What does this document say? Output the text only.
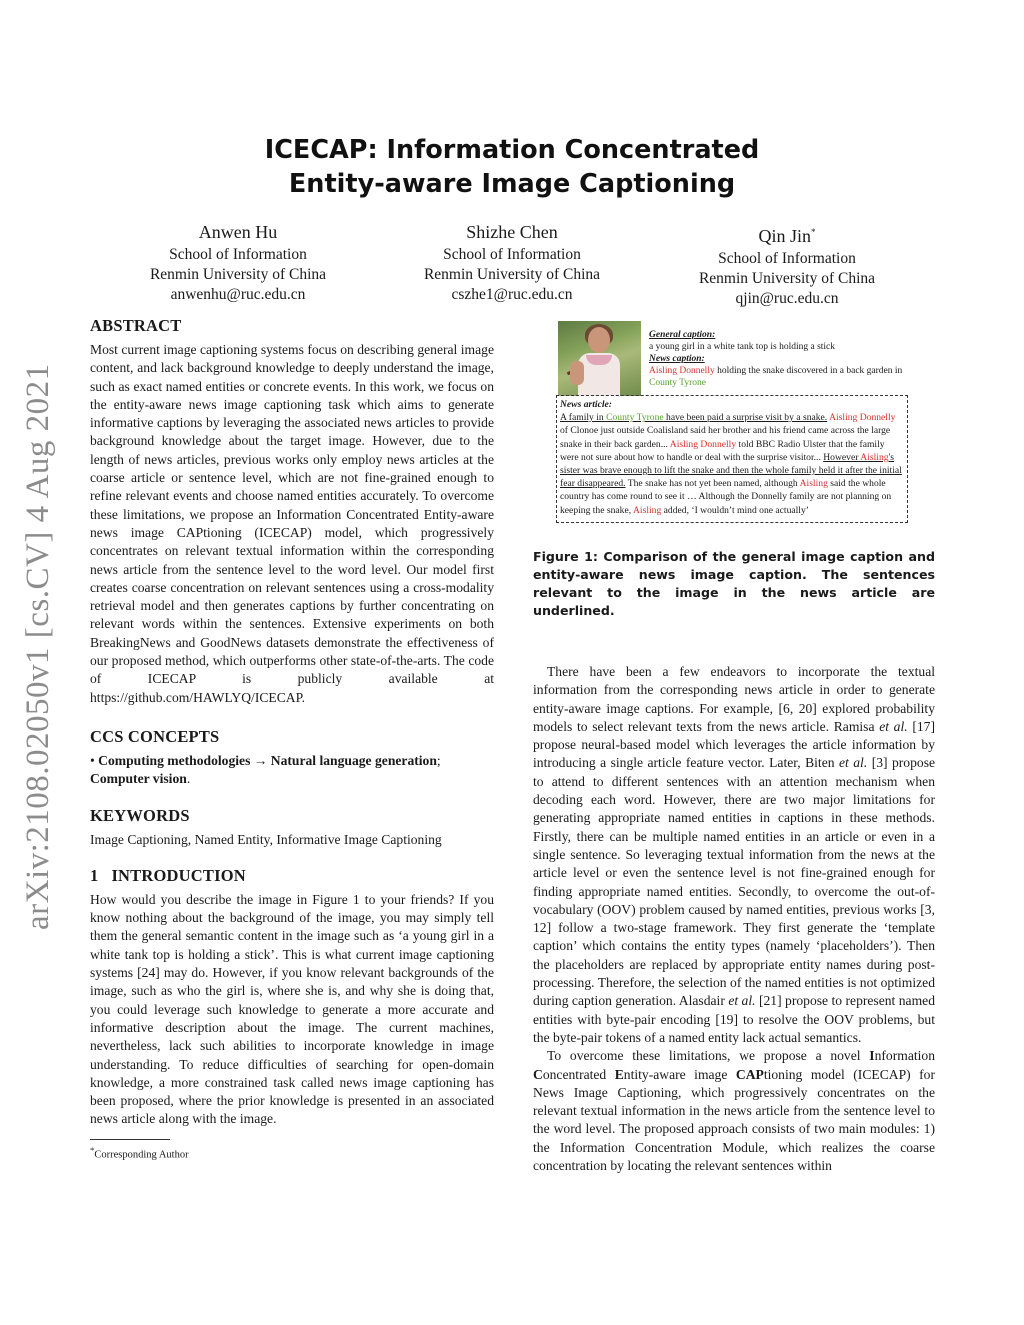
arXiv:2108.02050v1 [cs.CV] 4 Aug 2021
ICECAP: Information Concentrated
Entity-aware Image Captioning
Anwen Hu
School of Information
Renmin University of China
anwenhu@ruc.edu.cn
Shizhe Chen
School of Information
Renmin University of China
cszhe1@ruc.edu.cn
Qin Jin*
School of Information
Renmin University of China
qjin@ruc.edu.cn
ABSTRACT

Most current image captioning systems focus on describing general image content, and lack background knowledge to deeply understand the image, such as exact named entities or concrete events. In this work, we focus on the entity-aware news image captioning task which aims to generate informative captions by leveraging the associated news articles to provide background knowledge about the target image. However, due to the length of news articles, previous works only employ news articles at the coarse article or sentence level, which are not fine-grained enough to refine relevant events and choose named entities accurately. To overcome these limitations, we propose an Information Concentrated Entity-aware news image CAPtioning (ICECAP) model, which progressively concentrates on relevant textual information within the corresponding news article from the sentence level to the word level. Our model first creates coarse concentration on relevant sentences using a cross-modality retrieval model and then generates captions by further concentrating on relevant words within the sentences. Extensive experiments on both BreakingNews and GoodNews datasets demonstrate the effectiveness of our proposed method, which outperforms other state-of-the-arts. The code of ICECAP is publicly available at https://github.com/HAWLYQ/ICECAP.

CCS CONCEPTS

• Computing methodologies → Natural language generation; Computer vision.

KEYWORDS

Image Captioning, Named Entity, Informative Image Captioning

1 INTRODUCTION

How would you describe the image in Figure 1 to your friends? If you know nothing about the background of the image, you may simply tell them the general semantic content in the image such as ‘a young girl in a white tank top is holding a stick’. This is what current image captioning systems [24] may do. However, if you know relevant backgrounds of the image, such as who the girl is, where she is, and why she is doing that, you could leverage such knowledge to generate a more accurate and informative description about the image. The current machines, nevertheless, lack such abilities to incorporate knowledge in image understanding. To reduce difficulties of searching for open-domain knowledge, a more constrained task called news image captioning has been proposed, where the prior knowledge is presented in an associated news article along with the image.

*Corresponding Author
General caption:
a young girl in a white tank top is holding a stick
News caption:
Aisling Donnelly holding the snake discovered in a back garden in County Tyrone
News article:
A family in County Tyrone have been paid a surprise visit by a snake. Aisling Donnelly of Clonoe just outside Coalisland said her brother and his friend came across the large snake in their back garden... Aisling Donnelly told BBC Radio Ulster that the family were not sure about how to handle or deal with the surprise visitor... However Aisling's sister was brave enough to lift the snake and then the whole family held it after the initial fear disappeared. The snake has not yet been named, although Aisling said the whole country has come round to see it … Although the Donnelly family are not planning on keeping the snake, Aisling added, ‘I wouldn’t mind one actually’
Figure 1: Comparison of the general image caption and entity-aware news image caption. The sentences relevant to the image in the news article are underlined.

There have been a few endeavors to incorporate the textual information from the corresponding news article in order to generate entity-aware image captions. For example, [6, 20] explored probability models to select relevant texts from the news article. Ramisa et al. [17] propose neural-based model which leverages the article information by introducing a single article feature vector. Later, Biten et al. [3] propose to attend to different sentences with an attention mechanism when decoding each word. However, there are two major limitations for generating appropriate named entities in captions in these methods. Firstly, there can be multiple named entities in an article or even in a single sentence. So leveraging textual information from the news at the article level or even the sentence level is not fine-grained enough for finding appropriate named entities. Secondly, to overcome the out-of-vocabulary (OOV) problem caused by named entities, previous works [3, 12] follow a two-stage framework. They first generate the ‘template caption’ which contains the entity types (namely ‘placeholders’). Then the placeholders are replaced by appropriate entity names during post-processing. Therefore, the selection of the named entities is not optimized during caption generation. Alasdair et al. [21] propose to represent named entities with byte-pair encoding [19] to resolve the OOV problems, but the byte-pair tokens of a named entity lack actual semantics.

To overcome these limitations, we propose a novel Information Concentrated Entity-aware image CAPtioning model (ICECAP) for News Image Captioning, which progressively concentrates on the relevant textual information in the news article from the sentence level to the word level. The proposed approach consists of two main modules: 1) the Information Concentration Module, which realizes the coarse concentration by locating the relevant sentences within
